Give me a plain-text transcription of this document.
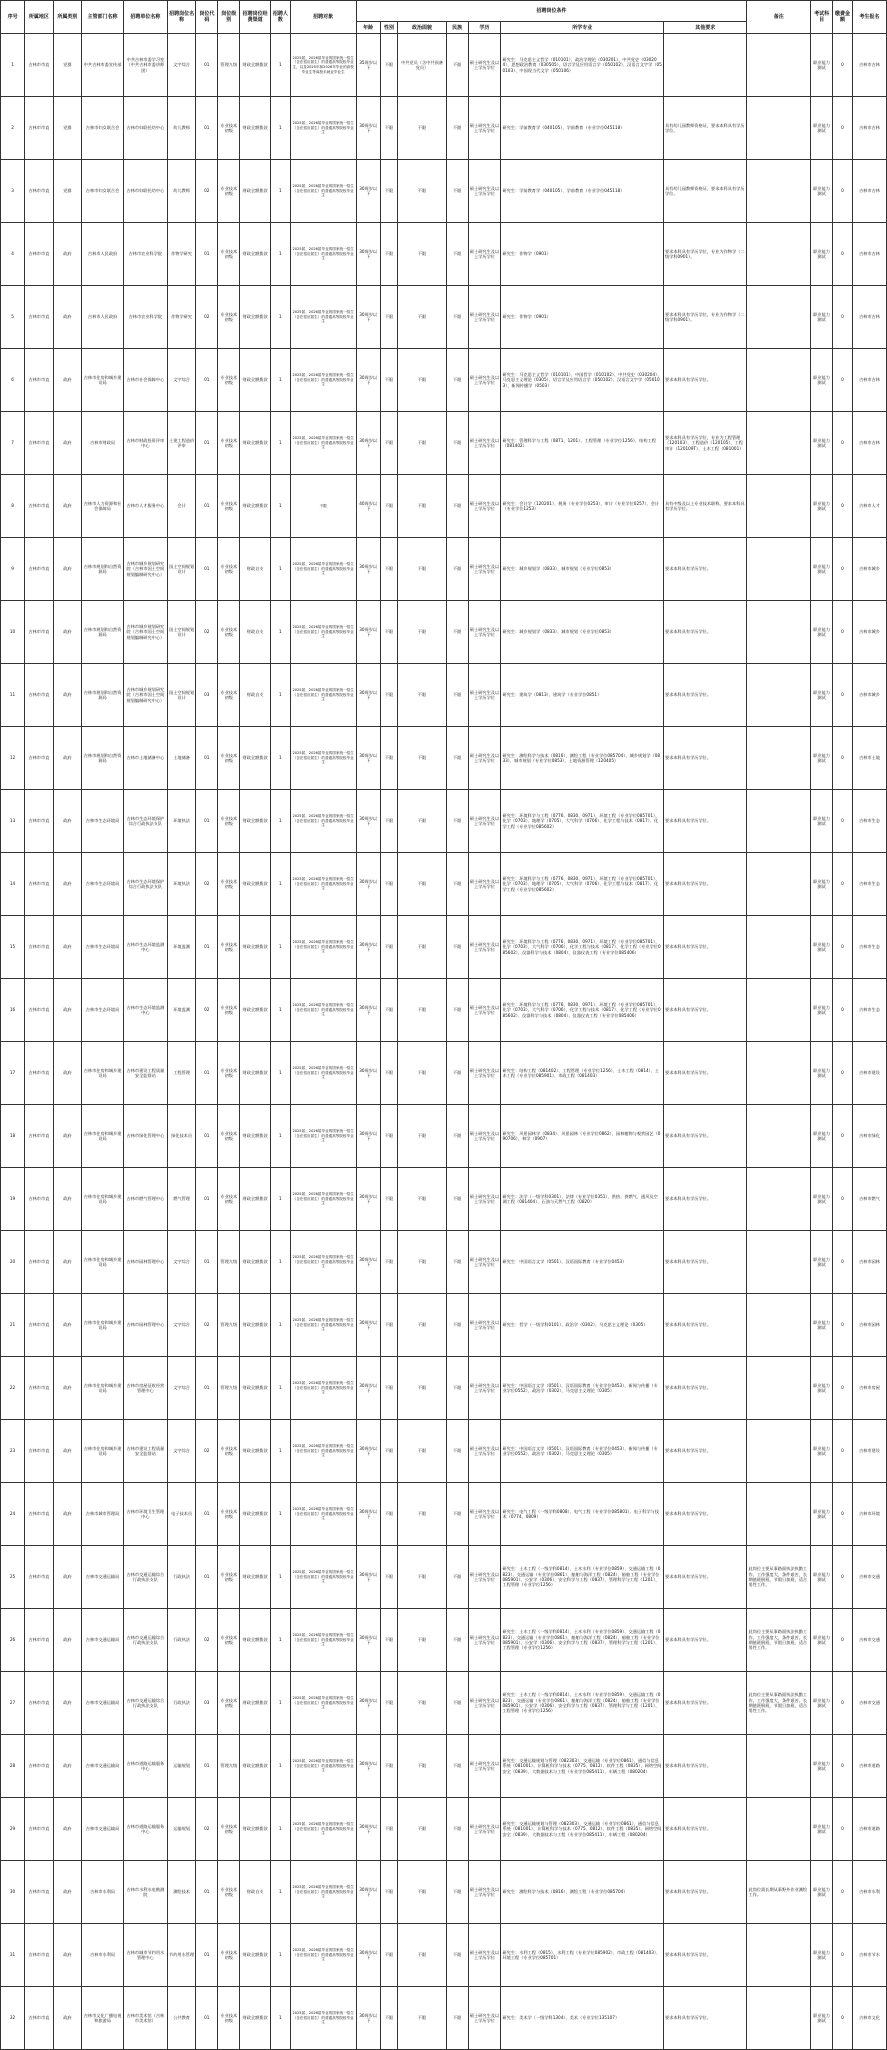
序号	所属地区	所属类别	主管部门名称	招聘单位名称	招聘岗位名称	岗位代码	岗位级别	招聘岗位经费渠道	招聘人数	招聘对象	招聘岗位条件							备注	考试科目	缴费金额	考生报名
											年龄	性别	政治面貌	民族	学历	所学专业	其他要求				
1	吉林市市直	党群	中共吉林市委宣传部	中共吉林市委学习室（中共吉林市委讲师团）	文字综合	01	管理九级	财政全额拨款	1	2025届、2026届毕业的国家统一招生（含在招应届生）的普通高等院校毕业生，以及2025年和2026年毕业的高校毕业生等离校未就业毕业生	35周岁以下	不限	中共党员（含中共预备党员）	不限	硕士研究生及以上学历学位	研究生：马克思主义哲学（010101）、政治学理论（030201）、中共党史（030204）、思想政治教育（030505）、语言学及应用语言学（050102）、汉语言文字学（050103）、中国现当代文学（050106）			职业能力测试	0	吉林市吉林
2	吉林市市直	党群	吉林市妇女联合会	吉林市妇联托幼中心	幼儿教师	01	专业技术初级	财政全额拨款	1	2025届、2026届毕业的国家统一招生（含在招应届生）的普通高等院校毕业生	30周岁以下	不限	不限	不限	硕士研究生及以上学历学位	研究生：学前教育学（040105）、学前教育（专业学位045118）	具有幼儿园教师资格证，要求本科具有学历学位。		职业能力测试	0	吉林市吉林
3	吉林市市直	党群	吉林市妇女联合会	吉林市妇联托幼中心	幼儿教师	02	专业技术初级	财政全额拨款	1	2025届、2026届毕业的国家统一招生（含在招应届生）的普通高等院校毕业生	30周岁以下	不限	不限	不限	硕士研究生及以上学历学位	研究生：学前教育学（040105）、学前教育（专业学位045118）	具有幼儿园教师资格证，要求本科具有学历学位。		职业能力测试	0	吉林市吉林
4	吉林市市直	政府	吉林市人民政府	吉林市农业科学院	作物学研究	01	专业技术初级	财政全额拨款	1	2025届、2026届毕业的国家统一招生（含在招应届生）的普通高等院校毕业生	30周岁以下	不限	不限	不限	硕士研究生及以上学历学位	研究生：作物学（0901）	要求本科具有学历学位，专业为作物学（二级学科0901）。		职业能力测试	0	吉林市吉林
5	吉林市市直	政府	吉林市人民政府	吉林市农业科学院	作物学研究	02	专业技术初级	财政全额拨款	1	2025届、2026届毕业的国家统一招生（含在招应届生）的普通高等院校毕业生	30周岁以下	不限	不限	不限	硕士研究生及以上学历学位	研究生：作物学（0901）	要求本科具有学历学位，专业为作物学（二级学科0901）。		职业能力测试	0	吉林市吉林
6	吉林市市直	政府	吉林市住房和城乡建设局	吉林市社会保障中心	文字综合	01	专业技术初级	财政全额拨款	1	2025届、2026届毕业的国家统一招生（含在招应届生）的普通高等院校毕业生	30周岁以下	不限	不限	不限	硕士研究生及以上学历学位	研究生：马克思主义哲学（010101）、中国哲学（010102）、中共党史（030204）、马克思主义理论（0305）、语言学及应用语言学（050102）、汉语言文字学（050103）、新闻传播学（0503）	要求本科具有学历学位。		职业能力测试	0	吉林市吉林
7	吉林市市直	政府	吉林市财政局	吉林市财政投资评审中心	土建工程造价评审	01	专业技术初级	财政全额拨款	1	2025届、2026届毕业的国家统一招生（含在招应届生）的普通高等院校毕业生	30周岁以下	不限	不限	不限	硕士研究生及以上学历学位	研究生：管理科学与工程（0871、1201）、工程管理（专业学位1256）、结构工程（081402）	要求本科具有学历学位，专业为工程管理（120103）、工程造价（120105）、工程审计（120109T）、土木工程（081001）		职业能力测试	0	吉林市吉林
8	吉林市市直	政府	吉林市人力资源和社会保障局	吉林市人才服务中心	会计	01	专业技术初级	财政全额拨款	1	不限	40周岁以下	不限	不限	不限	硕士研究生及以上学历学位	研究生：会计学（120201）、税务（专业学位0253）、审计（专业学位0257）、会计（专业学位1253）	具有中级及以上专业技术职称，要求本科具有学历学位。		职业能力测试	0	吉林市人才
9	吉林市市直	政府	吉林市规划和自然资源局	吉林市城乡规划研究院（吉林市国土空间规划编制研究中心）	国土空间规划设计	01	专业技术初级	财政自支	1	2025届、2026届毕业的国家统一招生（含在招应届生）的普通高等院校毕业生	30周岁以下	不限	不限	不限	硕士研究生及以上学历学位	研究生：城乡规划学（0833）、城市规划（专业学位0853）	要求本科具有学历学位。		职业能力测试	0	吉林市城乡
10	吉林市市直	政府	吉林市规划和自然资源局	吉林市城乡规划研究院（吉林市国土空间规划编制研究中心）	国土空间规划设计	02	专业技术初级	财政自支	1	2025届、2026届毕业的国家统一招生（含在招应届生）的普通高等院校毕业生	30周岁以下	不限	不限	不限	硕士研究生及以上学历学位	研究生：城乡规划学（0833）、城市规划（专业学位0853）	要求本科具有学历学位。		职业能力测试	0	吉林市城乡
11	吉林市市直	政府	吉林市规划和自然资源局	吉林市城乡规划研究院（吉林市国土空间规划编制研究中心）	国土空间规划设计	03	专业技术初级	财政自支	1	2025届、2026届毕业的国家统一招生（含在招应届生）的普通高等院校毕业生	30周岁以下	不限	不限	不限	硕士研究生及以上学历学位	研究生：建筑学（0813）、建筑学（专业学位0851）	要求本科具有学历学位。		职业能力测试	0	吉林市城乡
12	吉林市市直	政府	吉林市规划和自然资源局	吉林市土地储备中心	土地储备	01	专业技术初级	财政全额拨款	1	2025届、2026届毕业的国家统一招生（含在招应届生）的普通高等院校毕业生	30周岁以下	不限	不限	不限	硕士研究生及以上学历学位	研究生：测绘科学与技术（0816）、测绘工程（专业学位085704）、城乡规划学（0833）、城市规划（专业学位0853）、土地资源管理（120405）	要求本科具有学历学位。		职业能力测试	0	吉林市土地
13	吉林市市直	政府	吉林市生态环境局	吉林市生态环境保护综合行政执法支队	环境执法	01	专业技术初级	财政全额拨款	1	2025届、2026届毕业的国家统一招生（含在招应届生）的普通高等院校毕业生	30周岁以下	不限	不限	不限	硕士研究生及以上学历学位	研究生：环境科学与工程（0776、0830、0971）、环境工程（专业学位085701）、化学（0703）、地理学（0705）、大气科学（0706）、化学工程与技术（0817）、化学工程（专业学位085602）	要求本科具有学历学位。		职业能力测试	0	吉林市生态
14	吉林市市直	政府	吉林市生态环境局	吉林市生态环境保护综合行政执法支队	环境执法	02	专业技术初级	财政全额拨款	1	2025届、2026届毕业的国家统一招生（含在招应届生）的普通高等院校毕业生	30周岁以下	不限	不限	不限	硕士研究生及以上学历学位	研究生：环境科学与工程（0776、0830、0971）、环境工程（专业学位085701）、化学（0703）、地理学（0705）、大气科学（0706）、化学工程与技术（0817）、化学工程（专业学位085602）	要求本科具有学历学位。		职业能力测试	0	吉林市生态
15	吉林市市直	政府	吉林市生态环境局	吉林市生态环境监测中心	环境监测	01	专业技术初级	财政全额拨款	1	2025届、2026届毕业的国家统一招生（含在招应届生）的普通高等院校毕业生	30周岁以下	不限	不限	不限	硕士研究生及以上学历学位	研究生：环境科学与工程（0776、0830、0971）、环境工程（专业学位085701）、化学（0703）、大气科学（0706）、化学工程与技术（0817）、化学工程（专业学位085602）、仪器科学与技术（0804）、仪器仪表工程（专业学位085406）	要求本科具有学历学位。		职业能力测试	0	吉林市生态
16	吉林市市直	政府	吉林市生态环境局	吉林市生态环境监测中心	环境监测	02	专业技术初级	财政全额拨款	1	2025届、2026届毕业的国家统一招生（含在招应届生）的普通高等院校毕业生	30周岁以下	不限	不限	不限	硕士研究生及以上学历学位	研究生：环境科学与工程（0776、0830、0971）、环境工程（专业学位085701）、化学（0703）、大气科学（0706）、化学工程与技术（0817）、化学工程（专业学位085602）、仪器科学与技术（0804）、仪器仪表工程（专业学位085406）	要求本科具有学历学位。		职业能力测试	0	吉林市生态
17	吉林市市直	政府	吉林市住房和城乡建设局	吉林市建设工程质量安全监督站	工程管理	01	专业技术初级	财政全额拨款	1	2025届、2026届毕业的国家统一招生（含在招应届生）的普通高等院校毕业生	30周岁以下	不限	不限	不限	硕士研究生及以上学历学位	研究生：结构工程（081402）、工程管理（专业学位1256）、土木工程（0814）、土木工程（专业学位085901）、市政工程（081403）	要求本科具有学历学位。		职业能力测试	0	吉林市建设
18	吉林市市直	政府	吉林市住房和城乡建设局	吉林市绿化管理中心	绿化技术员	01	专业技术初级	财政全额拨款	1	2025届、2026届毕业的国家统一招生（含在招应届生）的普通高等院校毕业生	30周岁以下	不限	不限	不限	硕士研究生及以上学历学位	研究生：风景园林学（0834）、风景园林（专业学位0862）、园林植物与观赏园艺（090706）、林学（0907）	要求本科具有学历学位。		职业能力测试	0	吉林市绿化
19	吉林市市直	政府	吉林市住房和城乡建设局	吉林市燃气管理中心	燃气管理	01	专业技术初级	财政全额拨款	1	2025届、2026届毕业的国家统一招生（含在招应届生）的普通高等院校毕业生	30周岁以下	不限	不限	不限	硕士研究生及以上学历学位	研究生：法学（一级学科0301）、法律（专业学位0351）、供热、供燃气、通风及空调工程（081404）、石油与天然气工程（0820）	要求本科具有学历学位。		职业能力测试	0	吉林市燃气
20	吉林市市直	政府	吉林市住房和城乡建设局	吉林市园林管理中心	文字综合	01	管理九级	财政全额拨款	1	2025届、2026届毕业的国家统一招生（含在招应届生）的普通高等院校毕业生	30周岁以下	不限	不限	不限	硕士研究生及以上学历学位	研究生：中国语言文学（0501）、汉语国际教育（专业学位0453）	要求本科具有学历学位。		职业能力测试	0	吉林市园林
21	吉林市市直	政府	吉林市住房和城乡建设局	吉林市园林管理中心	文字综合	02	管理九级	财政全额拨款	1	2025届、2026届毕业的国家统一招生（含在招应届生）的普通高等院校毕业生	30周岁以下	不限	不限	不限	硕士研究生及以上学历学位	研究生：哲学（一级学科0101）、政治学（0302）、马克思主义理论（0305）	要求本科具有学历学位。		职业能力测试	0	吉林市园林
22	吉林市市直	政府	吉林市住房和城乡建设局	吉林市房屋征收经营管理中心	文字综合	01	管理九级	财政全额拨款	1	2025届、2026届毕业的国家统一招生（含在招应届生）的普通高等院校毕业生	30周岁以下	不限	不限	不限	硕士研究生及以上学历学位	研究生：中国语言文学（0501）、汉语国际教育（专业学位0453）、新闻与传播（专业学位0552）、政治学（0302）、马克思主义理论（0305）	要求本科具有学历学位。		职业能力测试	0	吉林市房屋
23	吉林市市直	政府	吉林市住房和城乡建设局	吉林市建设工程质量安全监督站	文字综合	02	专业技术初级	财政全额拨款	1	2025届、2026届毕业的国家统一招生（含在招应届生）的普通高等院校毕业生	30周岁以下	不限	不限	不限	硕士研究生及以上学历学位	研究生：中国语言文学（0501）、汉语国际教育（专业学位0453）、新闻与传播（专业学位0552）、政治学（0302）、马克思主义理论（0305）	要求本科具有学历学位。		职业能力测试	0	吉林市建设
24	吉林市市直	政府	吉林市城市管理局	吉林市环境卫生管理中心	电子技术员	01	专业技术初级	财政全额拨款	1	2025届、2026届毕业的国家统一招生（含在招应届生）的普通高等院校毕业生	30周岁以下	不限	不限	不限	硕士研究生及以上学历学位	研究生：电气工程（一级学科0808）、电气工程（专业学位085801）、电子科学与技术（0774、0809）	要求本科具有学历学位。		职业能力测试	0	吉林市环境
25	吉林市市直	政府	吉林市交通运输局	吉林市交通运输综合行政执法支队	行政执法	01	专业技术初级	财政全额拨款	1	2025届、2026届毕业的国家统一招生（含在招应届生）的普通高等院校毕业生	30周岁以下	不限	不限	不限	硕士研究生及以上学历学位	研究生：土木工程（一级学科0814）、土木水利（专业学位0859）、交通运输工程（0823）、交通运输（专业学位0861）、船舶与海洋工程（0824）、船舶工程（专业学位085901）、公安学（0306）、安全科学与工程（0837）、管理科学与工程（1201）、工程管理（专业学位1256）	要求本科具有学历学位。	此岗位主要从事路面执法执勤工作，工作强度大，条件艰苦，长期值班倒班，节假日加班，适合男性工作。	职业能力测试	0	吉林市交通
26	吉林市市直	政府	吉林市交通运输局	吉林市交通运输综合行政执法支队	行政执法	02	专业技术初级	财政全额拨款	1	2025届、2026届毕业的国家统一招生（含在招应届生）的普通高等院校毕业生	30周岁以下	不限	不限	不限	硕士研究生及以上学历学位	研究生：土木工程（一级学科0814）、土木水利（专业学位0859）、交通运输工程（0823）、交通运输（专业学位0861）、船舶与海洋工程（0824）、船舶工程（专业学位085901）、公安学（0306）、安全科学与工程（0837）、管理科学与工程（1201）、工程管理（专业学位1256）	要求本科具有学历学位。	此岗位主要从事路面执法执勤工作，工作强度大，条件艰苦，长期值班倒班，节假日加班，适合男性工作。	职业能力测试	0	吉林市交通
27	吉林市市直	政府	吉林市交通运输局	吉林市交通运输综合行政执法支队	行政执法	03	专业技术初级	财政全额拨款	1	2025届、2026届毕业的国家统一招生（含在招应届生）的普通高等院校毕业生	30周岁以下	不限	不限	不限	硕士研究生及以上学历学位	研究生：土木工程（一级学科0814）、土木水利（专业学位0859）、交通运输工程（0823）、交通运输（专业学位0861）、船舶与海洋工程（0824）、船舶工程（专业学位085901）、公安学（0306）、安全科学与工程（0837）、管理科学与工程（1201）、工程管理（专业学位1256）	要求本科具有学历学位。	此岗位主要从事路面执法执勤工作，工作强度大，条件艰苦，长期值班倒班，节假日加班，适合男性工作。	职业能力测试	0	吉林市交通
28	吉林市市直	政府	吉林市交通运输局	吉林市道路运输服务中心	运输规划	01	管理九级	财政全额拨款	1	2025届、2026届毕业的国家统一招生（含在招应届生）的普通高等院校毕业生	30周岁以下	不限	不限	不限	硕士研究生及以上学历学位	研究生：交通运输规划与管理（082303）、交通运输（专业学位0861）、通信与信息系统（081001）、计算机科学与技术（0775、0812）、软件工程（0835）、网络空间安全（0839）、大数据技术与工程（专业学位085411）、车辆工程（080204）	要求本科具有学历学位。		职业能力测试	0	吉林市道路
29	吉林市市直	政府	吉林市交通运输局	吉林市道路运输服务中心	运输规划	02	专业技术初级	财政全额拨款	1	2025届、2026届毕业的国家统一招生（含在招应届生）的普通高等院校毕业生	30周岁以下	不限	不限	不限	硕士研究生及以上学历学位	研究生：交通运输规划与管理（082303）、交通运输（专业学位0861）、通信与信息系统（081001）、计算机科学与技术（0775、0812）、软件工程（0835）、网络空间安全（0839）、大数据技术与工程（专业学位085411）、车辆工程（080204）	要求本科具有学历学位。		职业能力测试	0	吉林市道路
30	吉林市市直	政府	吉林市水利局	吉林市水利水电勘测院	测绘技术	01	专业技术初级	财政自支	1	2025届、2026届毕业的国家统一招生（含在招应届生）的普通高等院校毕业生	30周岁以下	不限	不限	不限	硕士研究生及以上学历学位	研究生：测绘科学与技术（0816）、测绘工程（专业学位085704）	要求本科具有学历学位。	此岗位需长期从事野外作业测绘工作。	职业能力测试	0	吉林市水利
31	吉林市市直	政府	吉林市水利局	吉林市城市节约用水管理中心	节约用水管理	01	专业技术初级	财政全额拨款	1	2025届、2026届毕业的国家统一招生（含在招应届生）的普通高等院校毕业生	30周岁以下	不限	不限	不限	硕士研究生及以上学历学位	研究生：水利工程（0815）、水利工程（专业学位085902）、市政工程（081403）、环境工程（专业学位085701）	要求本科具有学历学位。		职业能力测试	0	吉林市节水
32	吉林市市直	政府	吉林市文化广播电视和旅游局	吉林市美术馆（吉林市美术馆）	公共教育	01	专业技术初级	财政全额拨款	1	2025届、2026届毕业的国家统一招生（含在招应届生）的普通高等院校毕业生	30周岁以下	不限	不限	不限	硕士研究生及以上学历学位	研究生：美术学（一级学科1304）、美术（专业学位135107）	要求本科具有学历学位。		职业能力测试	0	吉林市文化
